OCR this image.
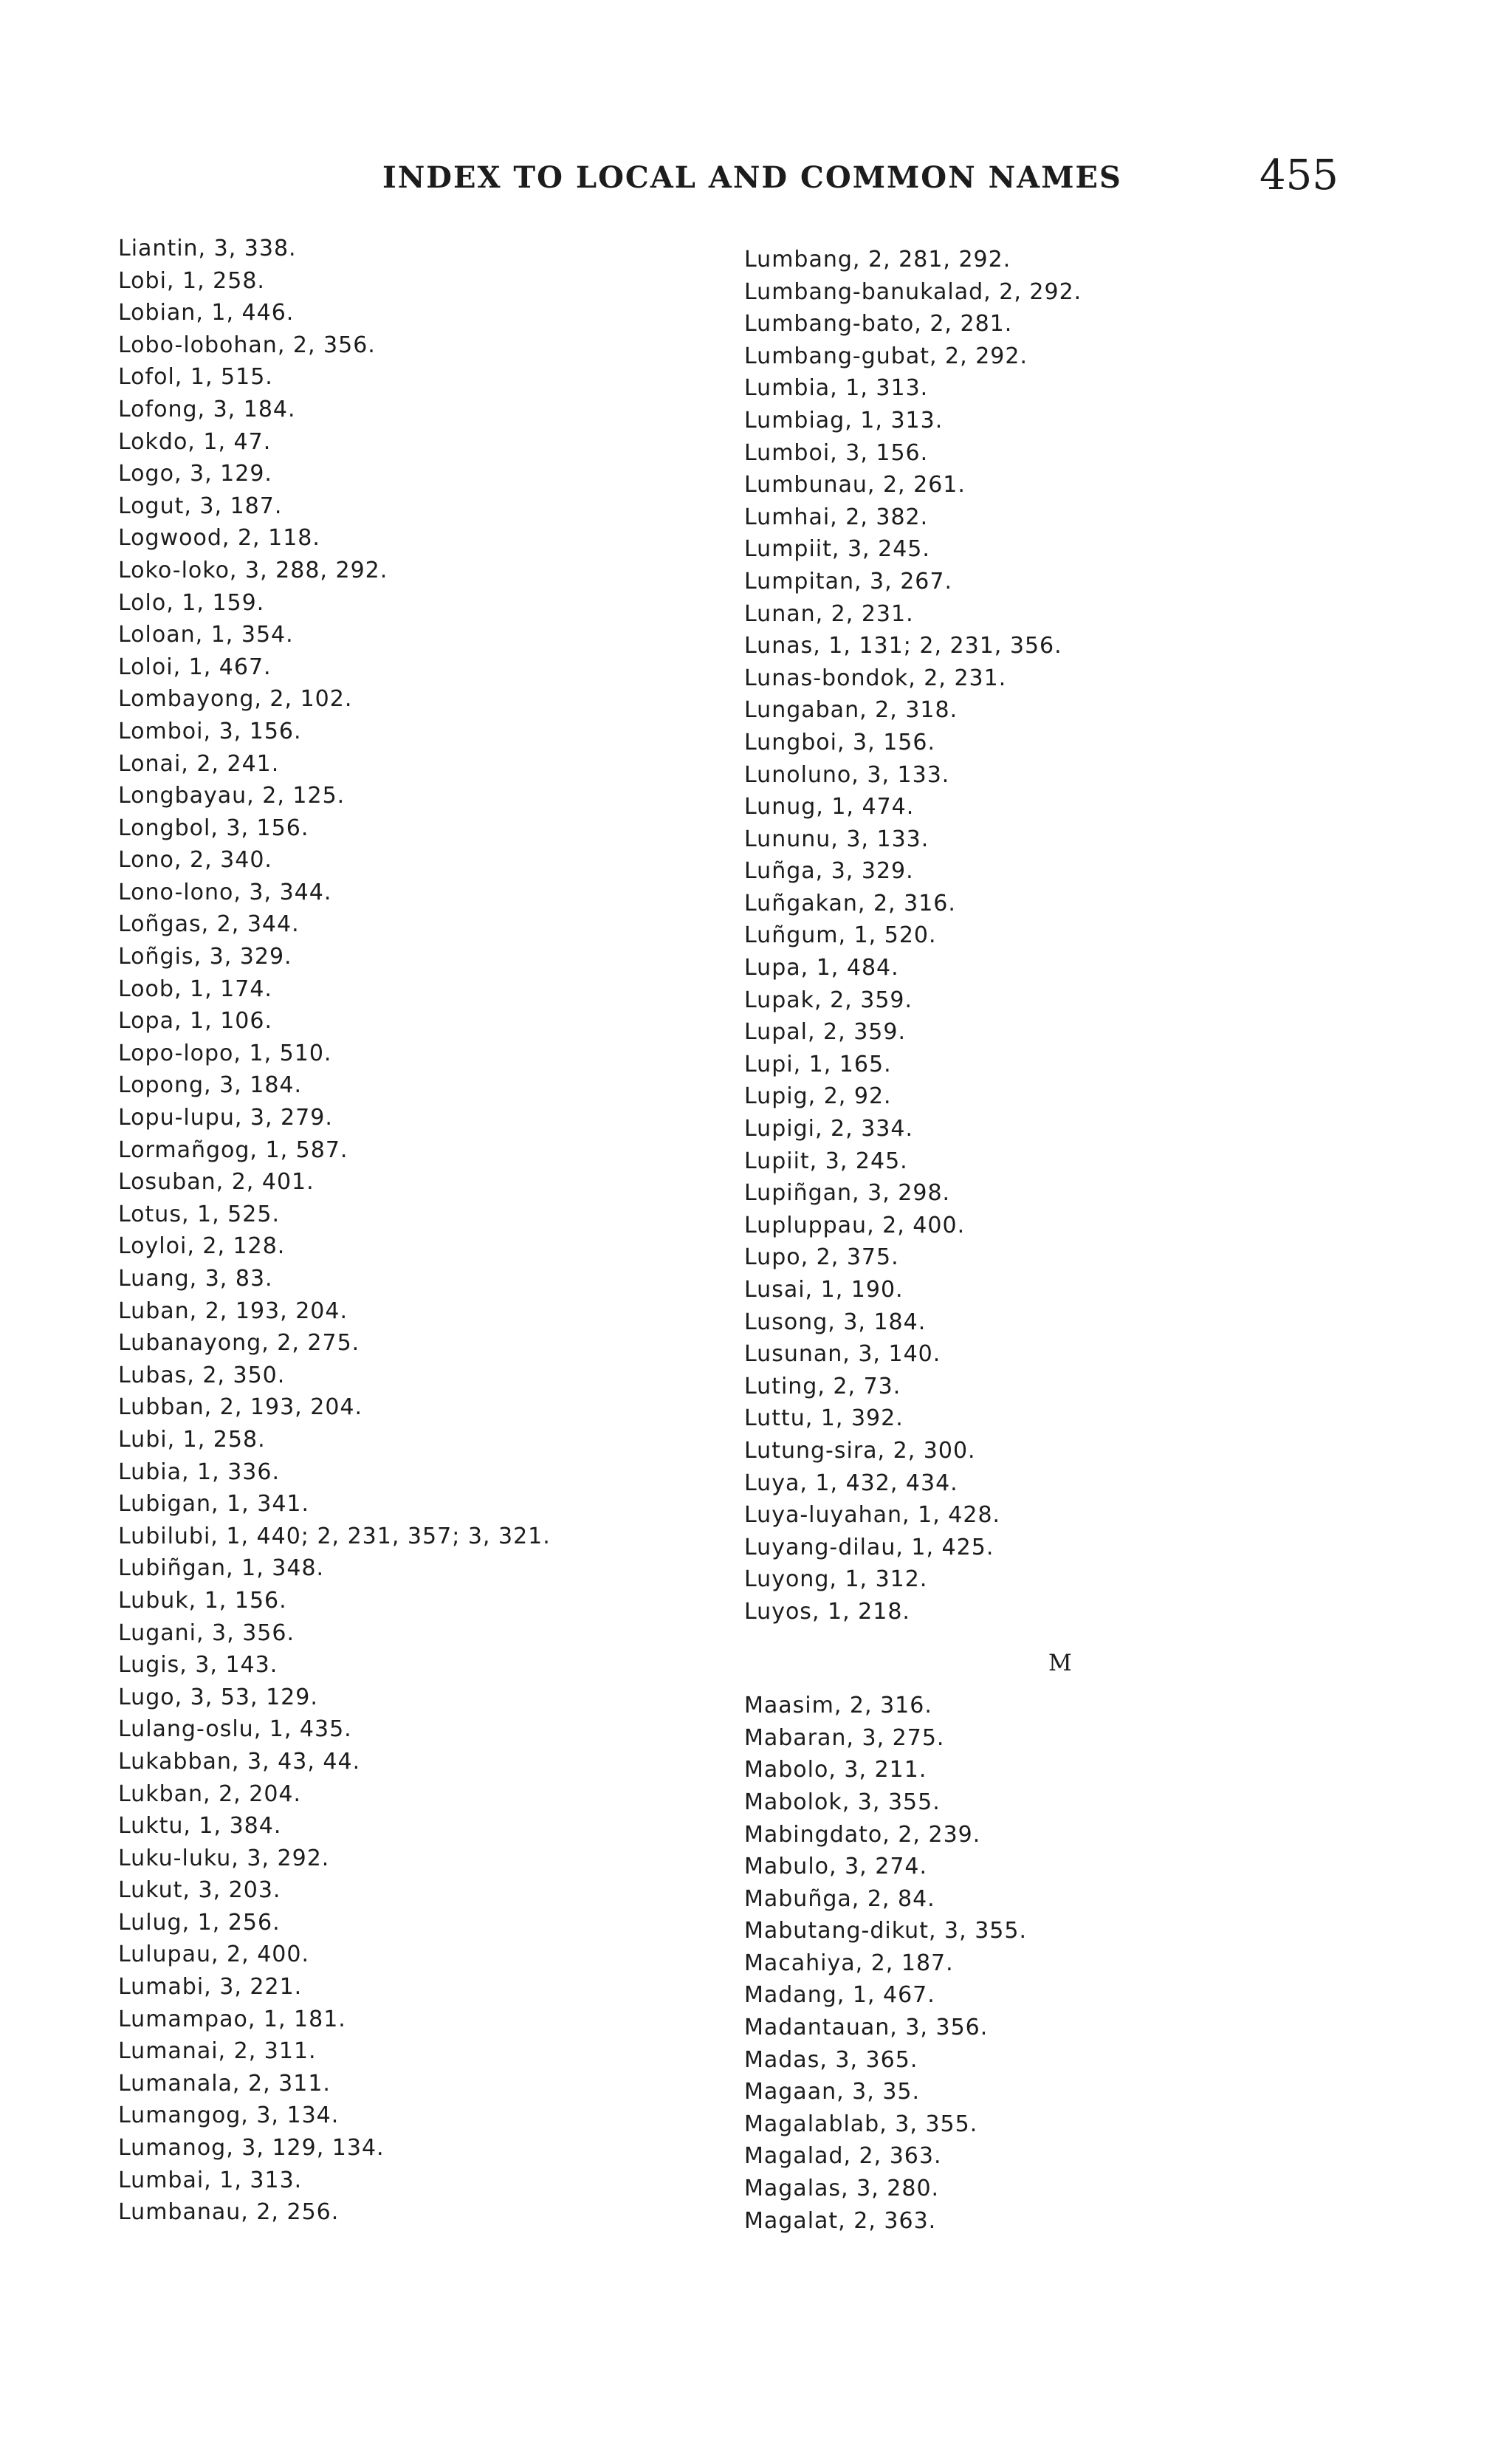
INDEX TO LOCAL AND COMMON NAMES	455
Liantin, 3, 338.
Lobi, 1, 258.
Lobian, 1, 446.
Lobo-lobohan, 2, 356.
Lofol, 1, 515.
Lofong, 3, 184.
Lokdo, 1, 47.
Logo, 3, 129.
Logut, 3, 187.
Logwood, 2, 118.
Loko-loko, 3, 288, 292.
Lolo, 1, 159.
Loloan, 1, 354.
Loloi, 1, 467.
Lombayong, 2, 102.
Lomboi, 3, 156.
Lonai, 2, 241.
Longbayau, 2, 125.
Longbol, 3, 156.
Lono, 2, 340.
Lono-lono, 3, 344.
Loñgas, 2, 344.
Loñgis, 3, 329.
Loob, 1, 174.
Lopa, 1, 106.
Lopo-lopo, 1, 510.
Lopong, 3, 184.
Lopu-lupu, 3, 279.
Lormañgog, 1, 587.
Losuban, 2, 401.
Lotus, 1, 525.
Loyloi, 2, 128.
Luang, 3, 83.
Luban, 2, 193, 204.
Lubanayong, 2, 275.
Lubas, 2, 350.
Lubban, 2, 193, 204.
Lubi, 1, 258.
Lubia, 1, 336.
Lubigan, 1, 341.
Lubilubi, 1, 440; 2, 231, 357; 3, 321.
Lubiñgan, 1, 348.
Lubuk, 1, 156.
Lugani, 3, 356.
Lugis, 3, 143.
Lugo, 3, 53, 129.
Lulang-oslu, 1, 435.
Lukabban, 3, 43, 44.
Lukban, 2, 204.
Luktu, 1, 384.
Luku-luku, 3, 292.
Lukut, 3, 203.
Lulug, 1, 256.
Lulupau, 2, 400.
Lumabi, 3, 221.
Lumampao, 1, 181.
Lumanai, 2, 311.
Lumanala, 2, 311.
Lumangog, 3, 134.
Lumanog, 3, 129, 134.
Lumbai, 1, 313.
Lumbanau, 2, 256.
Lumbang, 2, 281, 292.
Lumbang-banukalad, 2, 292.
Lumbang-bato, 2, 281.
Lumbang-gubat, 2, 292.
Lumbia, 1, 313.
Lumbiag, 1, 313.
Lumboi, 3, 156.
Lumbunau, 2, 261.
Lumhai, 2, 382.
Lumpiit, 3, 245.
Lumpitan, 3, 267.
Lunan, 2, 231.
Lunas, 1, 131; 2, 231, 356.
Lunas-bondok, 2, 231.
Lungaban, 2, 318.
Lungboi, 3, 156.
Lunoluno, 3, 133.
Lunug, 1, 474.
Lununu, 3, 133.
Luñga, 3, 329.
Luñgakan, 2, 316.
Luñgum, 1, 520.
Lupa, 1, 484.
Lupak, 2, 359.
Lupal, 2, 359.
Lupi, 1, 165.
Lupig, 2, 92.
Lupigi, 2, 334.
Lupiit, 3, 245.
Lupiñgan, 3, 298.
Lupluppau, 2, 400.
Lupo, 2, 375.
Lusai, 1, 190.
Lusong, 3, 184.
Lusunan, 3, 140.
Luting, 2, 73.
Luttu, 1, 392.
Lutung-sira, 2, 300.
Luya, 1, 432, 434.
Luya-luyahan, 1, 428.
Luyang-dilau, 1, 425.
Luyong, 1, 312.
Luyos, 1, 218.
M
Maasim, 2, 316.
Mabaran, 3, 275.
Mabolo, 3, 211.
Mabolok, 3, 355.
Mabingdato, 2, 239.
Mabulo, 3, 274.
Mabuñga, 2, 84.
Mabutang-dikut, 3, 355.
Macahiya, 2, 187.
Madang, 1, 467.
Madantauan, 3, 356.
Madas, 3, 365.
Magaan, 3, 35.
Magalablab, 3, 355.
Magalad, 2, 363.
Magalas, 3, 280.
Magalat, 2, 363.
